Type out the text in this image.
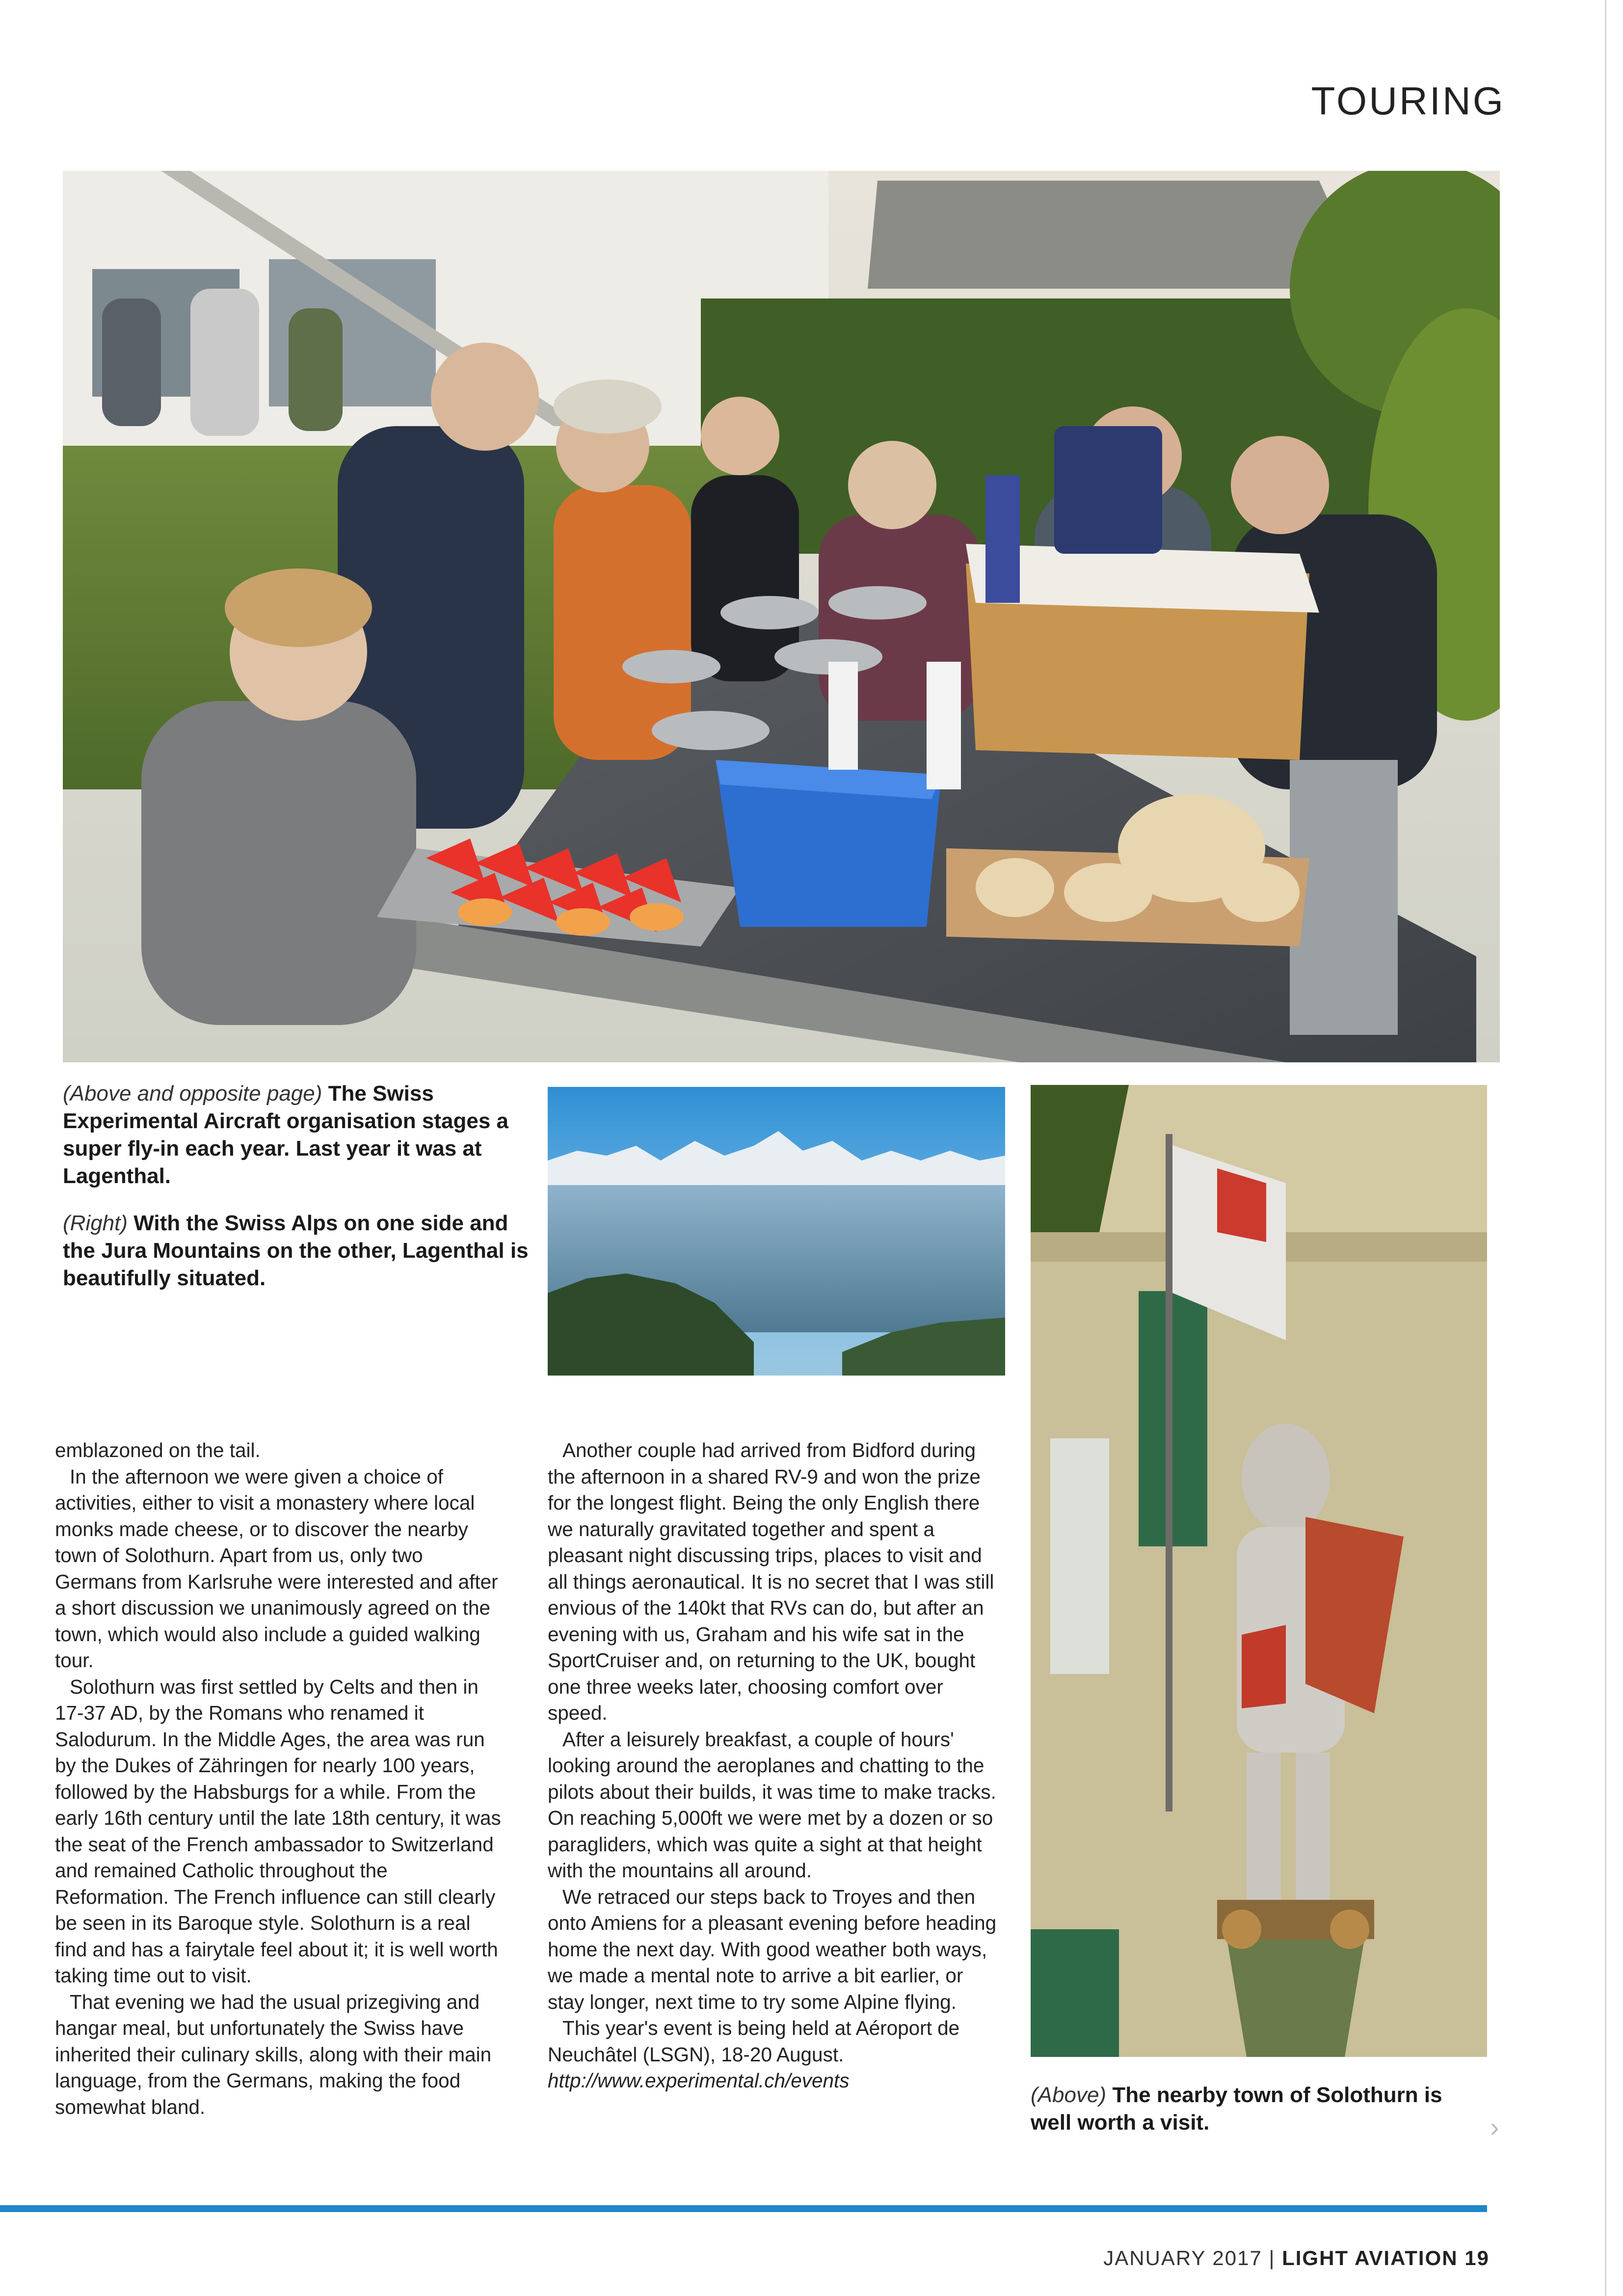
TOURING
(Above and opposite page) The Swiss Experimental Aircraft organisation stages a super fly-in each year. Last year it was at Lagenthal.
(Right) With the Swiss Alps on one side and the Jura Mountains on the other, Lagenthal is beautifully situated.
(Above) The nearby town of Solothurn is well worth a visit.

emblazoned on the tail.

In the afternoon we were given a choice of activities, either to visit a monastery where local monks made cheese, or to discover the nearby town of Solothurn. Apart from us, only two Germans from Karlsruhe were interested and after a short discussion we unanimously agreed on the town, which would also include a guided walking tour.

Solothurn was first settled by Celts and then in 17-37 AD, by the Romans who renamed it Salodurum. In the Middle Ages, the area was run by the Dukes of Zähringen for nearly 100 years, followed by the Habsburgs for a while. From the early 16th century until the late 18th century, it was the seat of the French ambassador to Switzerland and remained Catholic throughout the Reformation. The French influence can still clearly be seen in its Baroque style. Solothurn is a real find and has a fairytale feel about it; it is well worth taking time out to visit.

That evening we had the usual prizegiving and hangar meal, but unfortunately the Swiss have inherited their culinary skills, along with their main language, from the Germans, making the food somewhat bland.

Another couple had arrived from Bidford during the afternoon in a shared RV-9 and won the prize for the longest flight. Being the only English there we naturally gravitated together and spent a pleasant night discussing trips, places to visit and all things aeronautical. It is no secret that I was still envious of the 140kt that RVs can do, but after an evening with us, Graham and his wife sat in the SportCruiser and, on returning to the UK, bought one three weeks later, choosing comfort over speed.

After a leisurely breakfast, a couple of hours' looking around the aeroplanes and chatting to the pilots about their builds, it was time to make tracks. On reaching 5,000ft we were met by a dozen or so paragliders, which was quite a sight at that height with the mountains all around.

We retraced our steps back to Troyes and then onto Amiens for a pleasant evening before heading home the next day. With good weather both ways, we made a mental note to arrive a bit earlier, or stay longer, next time to try some Alpine flying.

This year's event is being held at Aéroport de Neuchâtel (LSGN), 18-20 August.

http://www.experimental.ch/events

›
JANUARY 2017 | LIGHT AVIATION 19
